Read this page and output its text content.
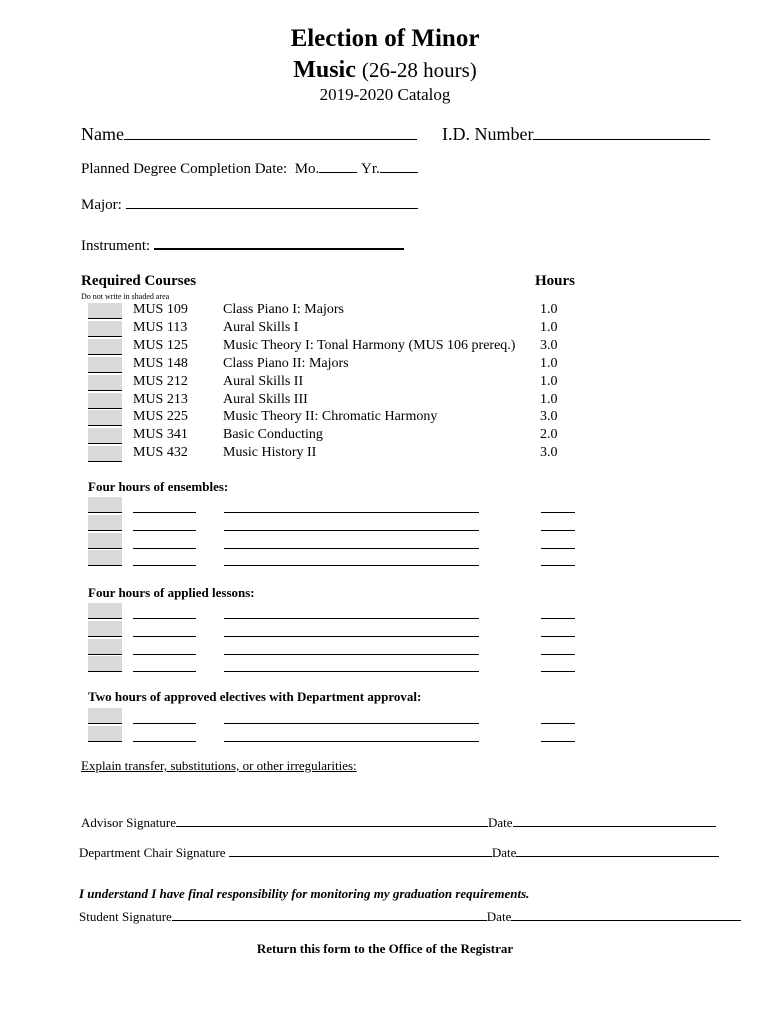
Election of Minor
Music (26-28 hours)
2019-2020 Catalog
Name	I.D. Number
Planned Degree Completion Date: Mo.	Yr.
Major:
Instrument:
Required Courses	Hours
Do not write in shaded area
MUS 109	Class Piano I: Majors	1.0
MUS 113	Aural Skills I	1.0
MUS 125	Music Theory I: Tonal Harmony (MUS 106 prereq.) 3.0
MUS 148	Class Piano II: Majors	1.0
MUS 212	Aural Skills II	1.0
MUS 213	Aural Skills III	1.0
MUS 225	Music Theory II: Chromatic Harmony	3.0
MUS 341	Basic Conducting	2.0
MUS 432	Music History II	3.0
Four hours of ensembles:
Four hours of applied lessons:
Two hours of approved electives with Department approval:
Explain transfer, substitutions, or other irregularities:
Advisor Signature	Date
Department Chair Signature	Date
I understand I have final responsibility for monitoring my graduation requirements.
Student Signature	Date
Return this form to the Office of the Registrar
